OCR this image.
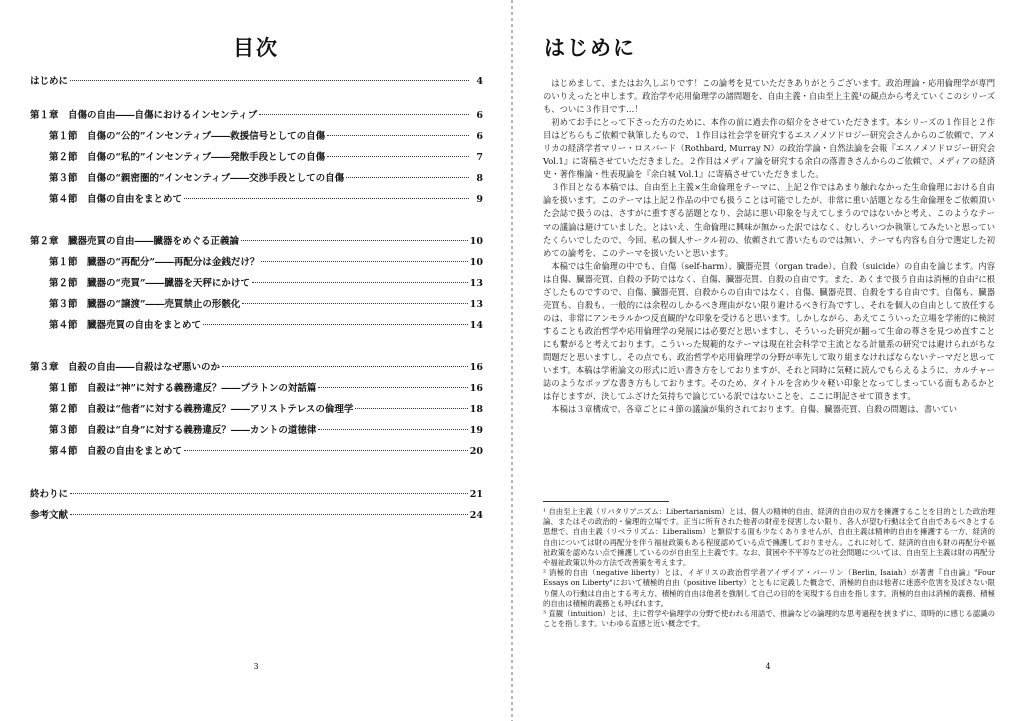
目次
はじめに	4
第１章　自傷の自由――自傷におけるインセンティブ	6
第１節　自傷の“公的”インセンティブ――救援信号としての自傷	6
第２節　自傷の“私的”インセンティブ――発散手段としての自傷	7
第３節　自傷の“親密圏的”インセンティブ――交渉手段としての自傷	8
第４節　自傷の自由をまとめて	9
第２章　臓器売買の自由――臓器をめぐる正義論	10
第１節　臓器の“再配分”――再配分は金銭だけ？	10
第２節　臓器の“売買”――臓器を天秤にかけて	13
第３節　臓器の“譲渡”――売買禁止の形骸化	13
第４節　臓器売買の自由をまとめて	14
第３章　自殺の自由――自殺はなぜ悪いのか	16
第１節　自殺は“神”に対する義務違反？――プラトンの対話篇	16
第２節　自殺は“他者”に対する義務違反？――アリストテレスの倫理学	18
第３節　自殺は“自身”に対する義務違反？――カントの道徳律	19
第４節　自殺の自由をまとめて	20
終わりに	21
参考文献	24
3
はじめに

はじめまして、またはお久しぶりです！この論考を見ていただきありがとうございます。政治理論・応用倫理学が専門のいりえったと申します。政治学や応用倫理学の諸問題を、自由主義・自由至上主義¹の観点から考えていくこのシリーズも、ついに３作目です…！

初めてお手にとって下さった方のために、本作の前に過去作の紹介をさせていただきます。本シリーズの１作目と２作目はどちらもご依頼で執筆したもので、１作目は社会学を研究するエスノメソドロジー研究会さんからのご依頼で、アメリカの経済学者マリー・ロスバード（Rothbard, Murray N）の政治学論・自然法論を会報『エスノメソドロジー研究会 Vol.1』に寄稿させていただきました。２作目はメディア論を研究する余白の落書きさんからのご依頼で、メディアの経済史・著作権論・性表現論を『余白城 Vol.1』に寄稿させていただきました。

３作目となる本稿では、自由至上主義×生命倫理をテーマに、上記２作ではあまり触れなかった生命倫理における自由論を扱います。このテーマは上記２作品の中でも扱うことは可能でしたが、非常に重い話題となる生命倫理をご依頼頂いた会誌で扱うのは、さすがに重すぎる話題となり、会誌に悪い印象を与えてしまうのではないかと考え、このようなテーマの議論は避けていました。とはいえ、生命倫理に興味が無かった訳ではなく、むしろいつか執筆してみたいと思っていたくらいでしたので、今回、私の個人サークル初の、依頼されて書いたものでは無い、テーマも内容も自分で選定した初めての論考を、このテーマを扱いたいと思います。

本稿では生命倫理の中でも、自傷（self-harm）、臓器売買（organ trade）、自殺（suicide）の自由を論じます。内容は自傷、臓器売買、自殺の予防ではなく、自傷、臓器売買、自殺の自由です。また、あくまで扱う自由は消極的自由²に根ざしたものですので、自傷、臓器売買、自殺からの自由ではなく、自傷、臓器売買、自殺をする自由です。自傷も、臓器売買も、自殺も、一般的には余程のしかるべき理由がない限り避けるべき行為ですし、それを個人の自由として放任するのは、非常にアンモラルかつ反直観的³な印象を受けると思います。しかしながら、あえてこういった立場を学術的に検討することも政治哲学や応用倫理学の発展には必要だと思いますし、そういった研究が翻って生命の尊さを見つめ直すことにも繋がると考えております。こういった規範的なテーマは現在社会科学で主流となる計量系の研究では避けられがちな問題だと思いますし、その点でも、政治哲学や応用倫理学の分野が率先して取り組まなければならないテーマだと思っています。本稿は学術論文の形式に近い書き方をしておりますが、それと同時に気軽に読んでもらえるように、カルチャー誌のようなポップな書き方もしております。そのため、タイトルを含め少々軽い印象となってしまっている面もあるかとは存じますが、決してふざけた気持ちで論じている訳ではないことを、ここに明記させて頂きます。

本稿は３章構成で、各章ごとに４節の議論が集約されております。自傷、臓器売買、自殺の問題は、書いてい

¹ 自由至上主義（リバタリアニズム：Libertarianism）とは、個人の精神的自由、経済的自由の双方を擁護することを目的とした政治理論、またはその政治的・倫理的立場です。正当に所有された他者の財産を侵害しない限り、各人が望む行動は全て自由であるべきとする思想で、自由主義（リベラリズム：Liberalism）と類似する面も少なくありませんが、自由主義は精神的自由を擁護する一方、経済的自由については財の再配分を伴う福祉政策もある程度認めている点で擁護しておりません。これに対して、経済的自由も財の再配分や福祉政策を認めない点で擁護しているのが自由至上主義です。なお、貧困や不平等などの社会問題については、自由至上主義は財の再配分や福祉政策以外の方法で改善策を考えます。

² 消極的自由（negative liberty）とは、イギリスの政治哲学者アイザイア・バーリン（Berlin, Isaiah）が著書『自由論』"Four Essays on Liberty"において積極的自由（positive liberty）とともに定義した概念で、消極的自由は他者に迷惑や危害を及ぼさない限り個人の行動は自由とする考え方、積極的自由は他者を強制して自己の目的を実現する自由を指します。消極的自由は消極的義務、積極的自由は積極的義務とも呼ばれます。

³ 直観（intuition）とは、主に哲学や倫理学の分野で使われる用語で、推論などの論理的な思考過程を挟まずに、即時的に感じる認識のことを指します。いわゆる直感と近い概念です。

4
